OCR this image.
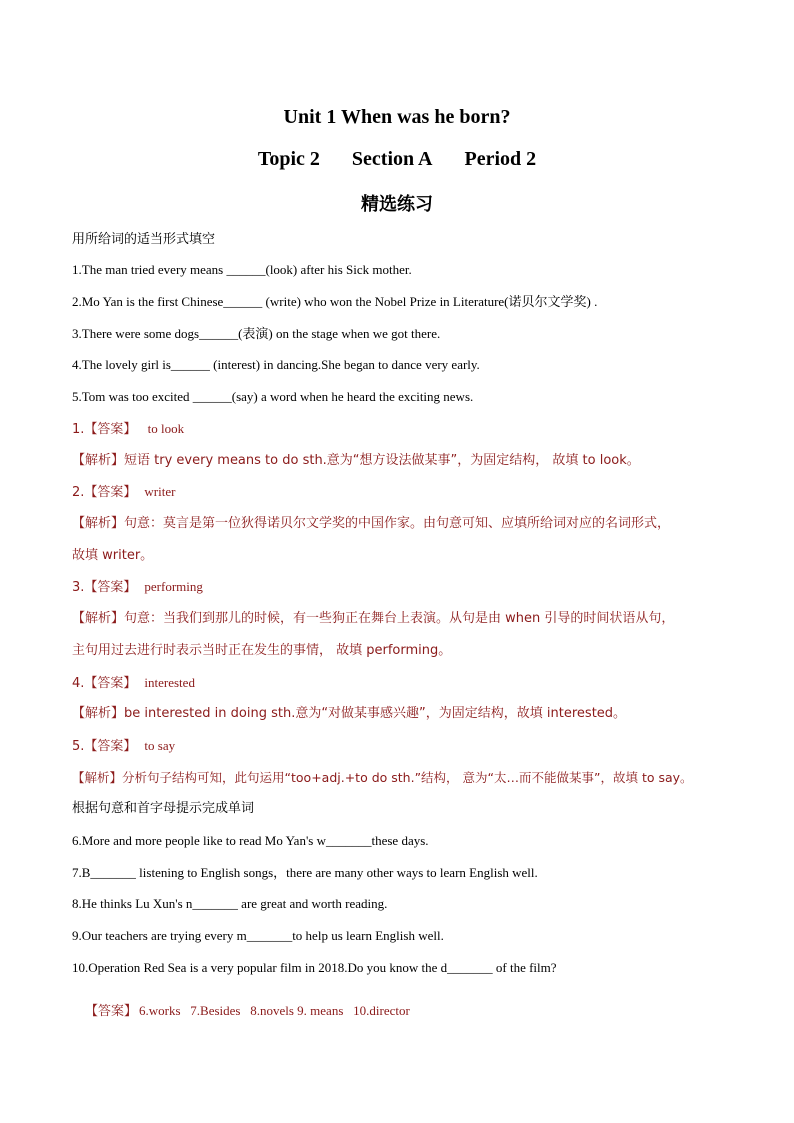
Unit 1 When was he born?
Topic 2 Section A Period 2
精选练习
用所给词的适当形式填空
1.The man tried every means ______(look) after his Sick mother.
2.Mo Yan is the first Chinese______ (write) who won the Nobel Prize in Literature(诺贝尔文学奖) .
3.There were some dogs______(表演) on the stage when we got there.
4.The lovely girl is______ (interest) in dancing.She began to dance very early.
5.Tom was too excited ______(say) a word when he heard the exciting news.
1.【答案】 to look
【解析】短语 try every means to do sth.意为“想方设法做某事”，为固定结构， 故填 to look。
2.【答案】 writer
【解析】句意：莫言是第一位狄得诺贝尔文学奖的中国作家。由句意可知、应填所给词对应的名词形式，
故填 writer。
3.【答案】 performing
【解析】句意：当我们到那儿的时候，有一些狗正在舞台上表演。从句是由 when 引导的时间状语从句，
主句用过去进行时表示当时正在发生的事情， 故填 performing。
4.【答案】 interested
【解析】be interested in doing sth.意为“对做某事感兴趣”，为固定结构，故填 interested。
5.【答案】 to say
【解析】分析句子结构可知，此句运用“too+adj.+to do sth.”结构， 意为“太…而不能做某事”，故填 to say。
根据句意和首字母提示完成单词
6.More and more people like to read Mo Yan's w_______these days.
7.B_______ listening to English songs，there are many other ways to learn English well.
8.He thinks Lu Xun's n_______ are great and worth reading.
9.Our teachers are trying every m_______to help us learn English well.
10.Operation Red Sea is a very popular film in 2018.Do you know the d_______ of the film?

【答案】 6.works   7.Besides   8.novels 9. means   10.director
